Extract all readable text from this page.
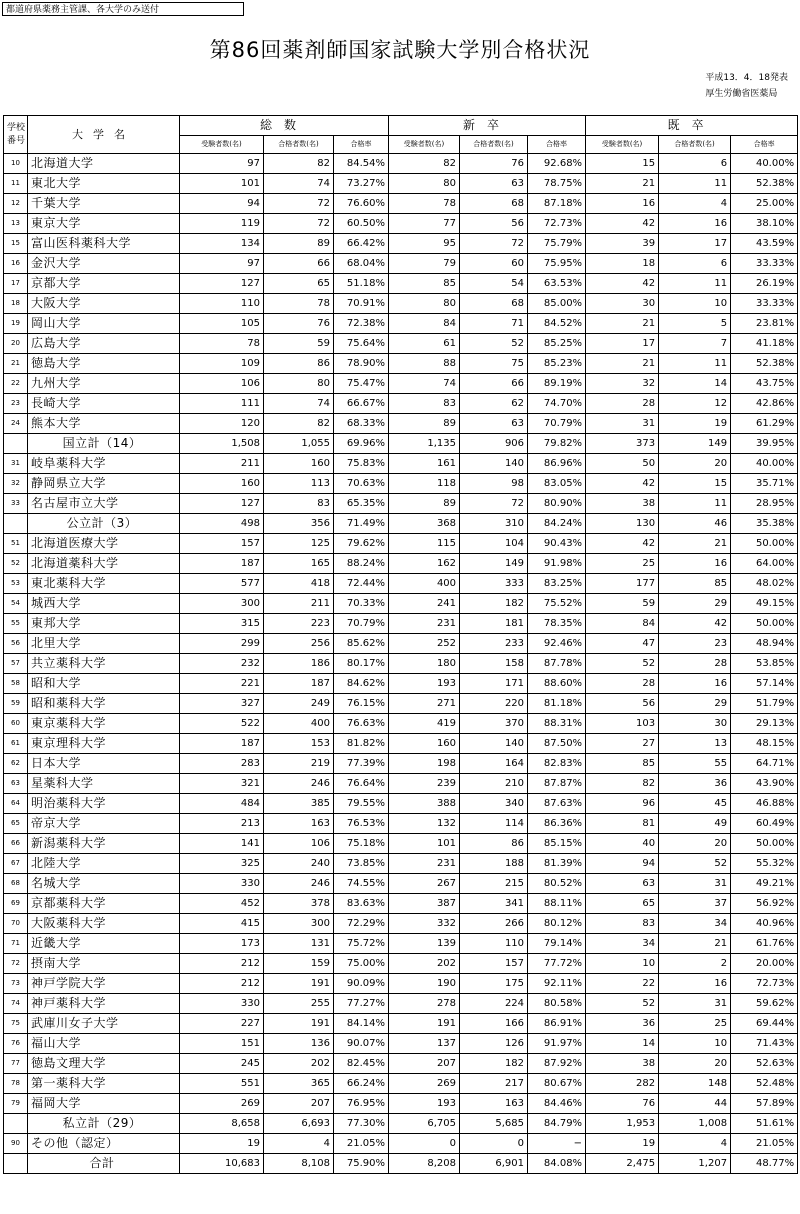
都道府県薬務主管課、各大学のみ送付
第86回薬剤師国家試験大学別合格状況
平成13．4．18発表
厚生労働省医薬局
学校
番号	大学名	総数			新卒			既卒		
		受験者数(名)	合格者数(名)	合格率	受験者数(名)	合格者数(名)	合格率	受験者数(名)	合格者数(名)	合格率
10	北海道大学	97	82	84.54%	82	76	92.68%	15	6	40.00%
11	東北大学	101	74	73.27%	80	63	78.75%	21	11	52.38%
12	千葉大学	94	72	76.60%	78	68	87.18%	16	4	25.00%
13	東京大学	119	72	60.50%	77	56	72.73%	42	16	38.10%
15	富山医科薬科大学	134	89	66.42%	95	72	75.79%	39	17	43.59%
16	金沢大学	97	66	68.04%	79	60	75.95%	18	6	33.33%
17	京都大学	127	65	51.18%	85	54	63.53%	42	11	26.19%
18	大阪大学	110	78	70.91%	80	68	85.00%	30	10	33.33%
19	岡山大学	105	76	72.38%	84	71	84.52%	21	5	23.81%
20	広島大学	78	59	75.64%	61	52	85.25%	17	7	41.18%
21	徳島大学	109	86	78.90%	88	75	85.23%	21	11	52.38%
22	九州大学	106	80	75.47%	74	66	89.19%	32	14	43.75%
23	長崎大学	111	74	66.67%	83	62	74.70%	28	12	42.86%
24	熊本大学	120	82	68.33%	89	63	70.79%	31	19	61.29%
	国立計（14）	1,508	1,055	69.96%	1,135	906	79.82%	373	149	39.95%
31	岐阜薬科大学	211	160	75.83%	161	140	86.96%	50	20	40.00%
32	静岡県立大学	160	113	70.63%	118	98	83.05%	42	15	35.71%
33	名古屋市立大学	127	83	65.35%	89	72	80.90%	38	11	28.95%
	公立計（3）	498	356	71.49%	368	310	84.24%	130	46	35.38%
51	北海道医療大学	157	125	79.62%	115	104	90.43%	42	21	50.00%
52	北海道薬科大学	187	165	88.24%	162	149	91.98%	25	16	64.00%
53	東北薬科大学	577	418	72.44%	400	333	83.25%	177	85	48.02%
54	城西大学	300	211	70.33%	241	182	75.52%	59	29	49.15%
55	東邦大学	315	223	70.79%	231	181	78.35%	84	42	50.00%
56	北里大学	299	256	85.62%	252	233	92.46%	47	23	48.94%
57	共立薬科大学	232	186	80.17%	180	158	87.78%	52	28	53.85%
58	昭和大学	221	187	84.62%	193	171	88.60%	28	16	57.14%
59	昭和薬科大学	327	249	76.15%	271	220	81.18%	56	29	51.79%
60	東京薬科大学	522	400	76.63%	419	370	88.31%	103	30	29.13%
61	東京理科大学	187	153	81.82%	160	140	87.50%	27	13	48.15%
62	日本大学	283	219	77.39%	198	164	82.83%	85	55	64.71%
63	星薬科大学	321	246	76.64%	239	210	87.87%	82	36	43.90%
64	明治薬科大学	484	385	79.55%	388	340	87.63%	96	45	46.88%
65	帝京大学	213	163	76.53%	132	114	86.36%	81	49	60.49%
66	新潟薬科大学	141	106	75.18%	101	86	85.15%	40	20	50.00%
67	北陸大学	325	240	73.85%	231	188	81.39%	94	52	55.32%
68	名城大学	330	246	74.55%	267	215	80.52%	63	31	49.21%
69	京都薬科大学	452	378	83.63%	387	341	88.11%	65	37	56.92%
70	大阪薬科大学	415	300	72.29%	332	266	80.12%	83	34	40.96%
71	近畿大学	173	131	75.72%	139	110	79.14%	34	21	61.76%
72	摂南大学	212	159	75.00%	202	157	77.72%	10	2	20.00%
73	神戸学院大学	212	191	90.09%	190	175	92.11%	22	16	72.73%
74	神戸薬科大学	330	255	77.27%	278	224	80.58%	52	31	59.62%
75	武庫川女子大学	227	191	84.14%	191	166	86.91%	36	25	69.44%
76	福山大学	151	136	90.07%	137	126	91.97%	14	10	71.43%
77	徳島文理大学	245	202	82.45%	207	182	87.92%	38	20	52.63%
78	第一薬科大学	551	365	66.24%	269	217	80.67%	282	148	52.48%
79	福岡大学	269	207	76.95%	193	163	84.46%	76	44	57.89%
	私立計（29）	8,658	6,693	77.30%	6,705	5,685	84.79%	1,953	1,008	51.61%
90	その他（認定）	19	4	21.05%	0	0	−	19	4	21.05%
	合計	10,683	8,108	75.90%	8,208	6,901	84.08%	2,475	1,207	48.77%
